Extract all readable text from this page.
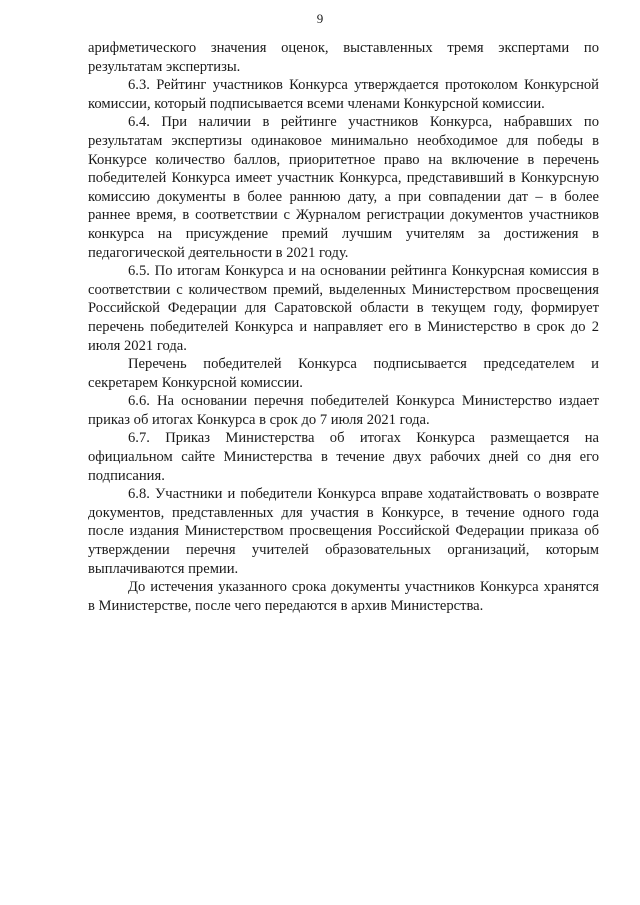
9

арифметического значения оценок, выставленных тремя экспертами по результатам экспертизы.

6.3. Рейтинг участников Конкурса утверждается протоколом Конкурсной комиссии, который подписывается всеми членами Конкурсной комиссии.

6.4. При наличии в рейтинге участников Конкурса, набравших по результатам экспертизы одинаковое минимально необходимое для победы в Конкурсе количество баллов, приоритетное право на включение в перечень победителей Конкурса имеет участник Конкурса, представивший в Конкурсную комиссию документы в более раннюю дату, а при совпадении дат – в более раннее время, в соответствии с Журналом регистрации документов участников конкурса на присуждение премий лучшим учителям за достижения в педагогической деятельности в 2021 году.

6.5. По итогам Конкурса и на основании рейтинга Конкурсная комиссия в соответствии с количеством премий, выделенных Министерством просвещения Российской Федерации для Саратовской области в текущем году, формирует перечень победителей Конкурса и направляет его в Министерство в срок до 2 июля 2021 года.

Перечень победителей Конкурса подписывается председателем и секретарем Конкурсной комиссии.

6.6. На основании перечня победителей Конкурса Министерство издает приказ об итогах Конкурса в срок до 7 июля 2021 года.

6.7. Приказ Министерства об итогах Конкурса размещается на официальном сайте Министерства в течение двух рабочих дней со дня его подписания.

6.8. Участники и победители Конкурса вправе ходатайствовать о возврате документов, представленных для участия в Конкурсе, в течение одного года после издания Министерством просвещения Российской Федерации приказа об утверждении перечня учителей образовательных организаций, которым выплачиваются премии.

До истечения указанного срока документы участников Конкурса хранятся в Министерстве, после чего передаются в архив Министерства.
